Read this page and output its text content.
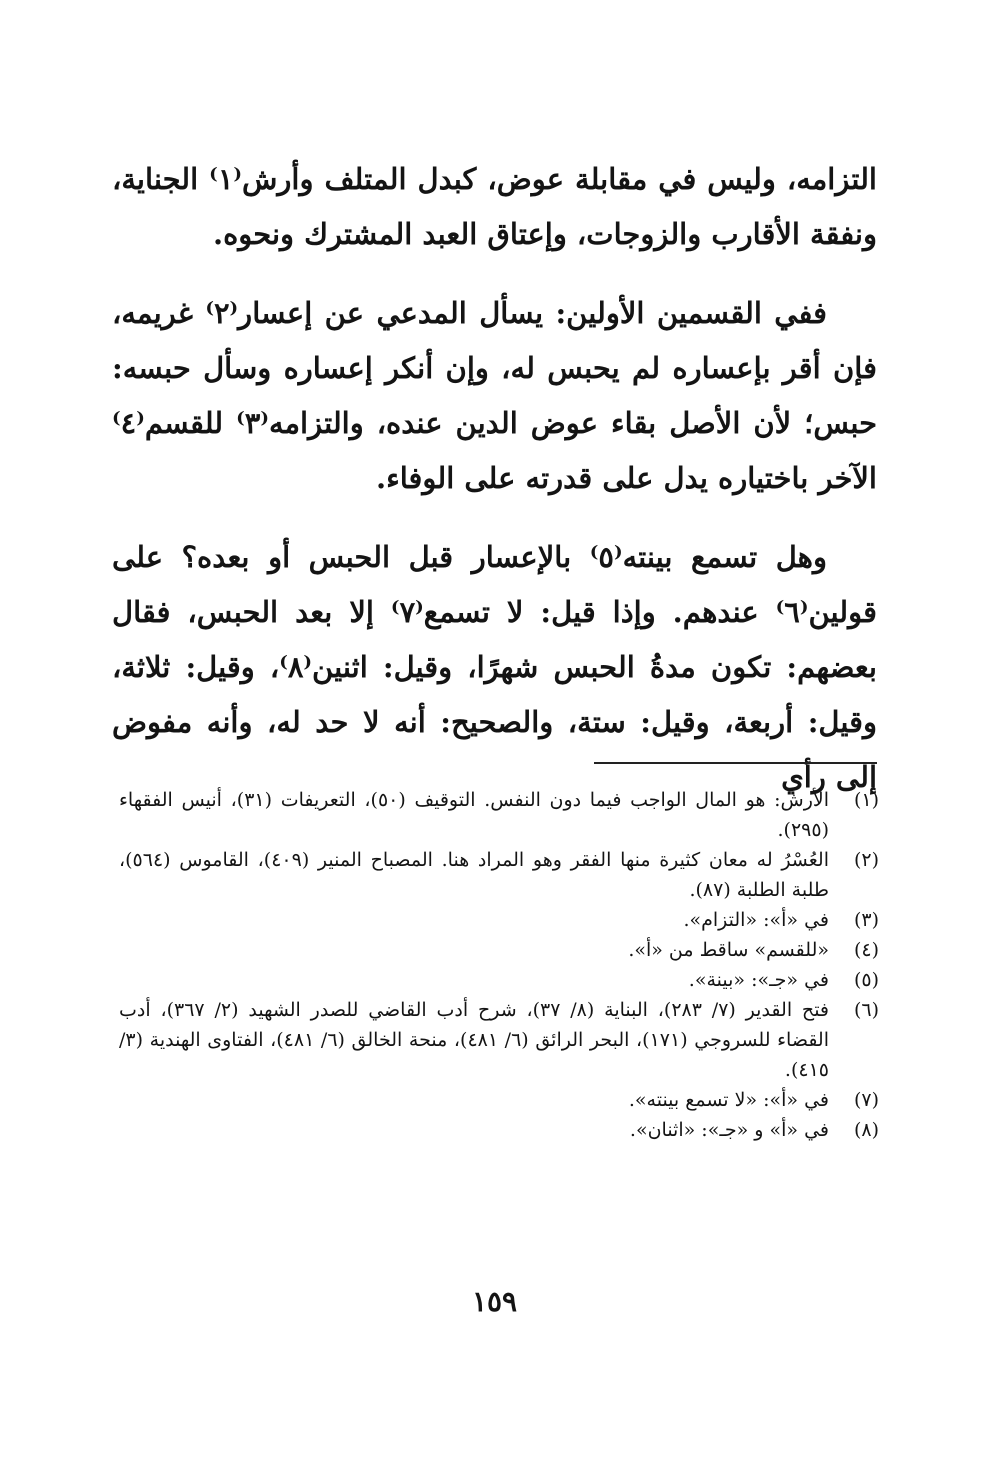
التزامه، وليس في مقابلة عوض، كبدل المتلف وأرش⁽١⁾ الجناية، ونفقة الأقارب والزوجات، وإعتاق العبد المشترك ونحوه.

ففي القسمين الأولين: يسأل المدعي عن إعسار⁽٢⁾ غريمه، فإن أقر بإعساره لم يحبس له، وإن أنكر إعساره وسأل حبسه: حبس؛ لأن الأصل بقاء عوض الدين عنده، والتزامه⁽٣⁾ للقسم⁽٤⁾ الآخر باختياره يدل على قدرته على الوفاء.

وهل تسمع بينته⁽٥⁾ بالإعسار قبل الحبس أو بعده؟ على قولين⁽٦⁾ عندهم. وإذا قيل: لا تسمع⁽٧⁾ إلا بعد الحبس، فقال بعضهم: تكون مدةُ الحبس شهرًا، وقيل: اثنين⁽٨⁾، وقيل: ثلاثة، وقيل: أربعة، وقيل: ستة، والصحيح: أنه لا حد له، وأنه مفوض إلى رأي

(١)
الأرش: هو المال الواجب فيما دون النفس. التوقيف (٥٠)، التعريفات (٣١)، أنيس الفقهاء (٢٩٥).
(٢)
العُسْرُ له معان كثيرة منها الفقر وهو المراد هنا. المصباح المنير (٤٠٩)، القاموس (٥٦٤)، طلبة الطلبة (٨٧).
(٣)
في «أ»: «التزام».
(٤)
«للقسم» ساقط من «أ».
(٥)
في «جـ»: «بينة».
(٦)
فتح القدير (٧/ ٢٨٣)، البناية (٨/ ٣٧)، شرح أدب القاضي للصدر الشهيد (٢/ ٣٦٧)، أدب القضاء للسروجي (١٧١)، البحر الرائق (٦/ ٤٨١)، منحة الخالق (٦/ ٤٨١)، الفتاوى الهندية (٣/ ٤١٥).
(٧)
في «أ»: «لا تسمع بينته».
(٨)
في «أ» و «جـ»: «اثنان».
١٥٩
